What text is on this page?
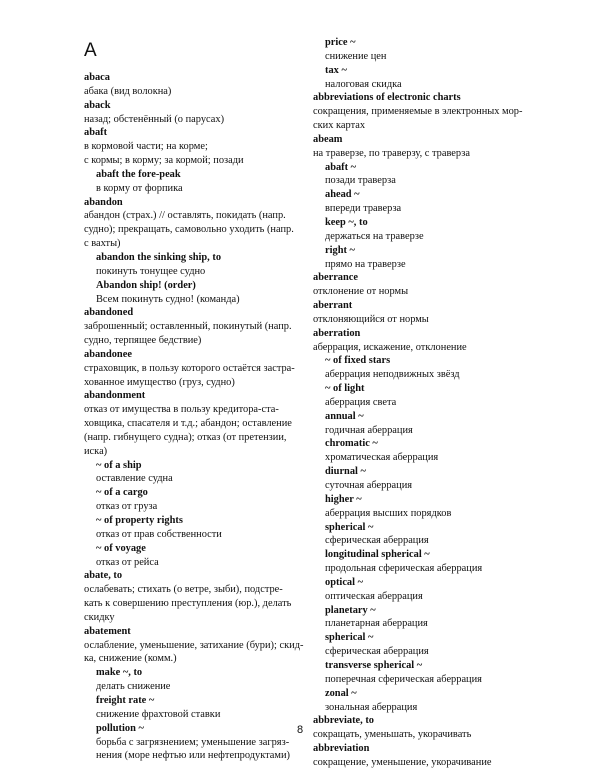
A
abaca
абака (вид волокна)
aback
назад; обстенённый (о парусах)
abaft
в кормовой части; на корме;
с кормы; в корму; за кормой; позади
abaft the fore-peak
в корму от форпика
abandon
абандон (страх.) // оставлять, покидать (напр.
судно); прекращать, самовольно уходить (напр.
с вахты)
abandon the sinking ship, to
покинуть тонущее судно
Abandon ship! (order)
Всем покинуть судно! (команда)
abandoned
заброшенный; оставленный, покинутый (напр.
судно, терпящее бедствие)
abandonee
страховщик, в пользу которого остаётся застра-
хованное имущество (груз, судно)
abandonment
отказ от имущества в пользу кредитора-ста-
ховщика, спасателя и т.д.; абандон; оставление
(напр. гибнущего судна); отказ (от претензии,
иска)
~ of a ship
оставление судна
~ of a cargo
отказ от груза
~ of property rights
отказ от прав собственности
~ of voyage
отказ от рейса
abate, to
ослабевать; стихать (о ветре, зыби), подстре-
кать к совершению преступления (юр.), делать
скидку
abatement
ослабление, уменьшение, затихание (бури); скид-
ка, снижение (комм.)
make ~, to
делать снижение
freight rate ~
снижение фрахтовой ставки
pollution ~
борьба с загрязнением; уменьшение загряз-
нения (море нефтью или нефтепродуктами)
price ~
снижение цен
tax ~
налоговая скидка
abbreviations of electronic charts
сокращения, применяемые в электронных мор-
ских картах
abeam
на траверзе, по траверзу, с траверза
abaft ~
позади траверза
ahead ~
впереди траверза
keep ~, to
держаться на траверзе
right ~
прямо на траверзе
aberrance
отклонение от нормы
aberrant
отклоняющийся от нормы
aberration
аберрация, искажение, отклонение
~ of fixed stars
аберрация неподвижных звёзд
~ of light
аберрация света
annual ~
годичная аберрация
chromatic ~
хроматическая аберрация
diurnal ~
суточная аберрация
higher ~
аберрация высших порядков
spherical ~
сферическая аберрация
longitudinal spherical ~
продольная сферическая аберрация
optical ~
оптическая аберрация
planetary ~
планетарная аберрация
spherical ~
сферическая аберрация
transverse spherical ~
поперечная сферическая аберрация
zonal ~
зональная аберрация
abbreviate, to
сокращать, уменьшать, укорачивать
abbreviation
сокращение, уменьшение, укорачивание
8
